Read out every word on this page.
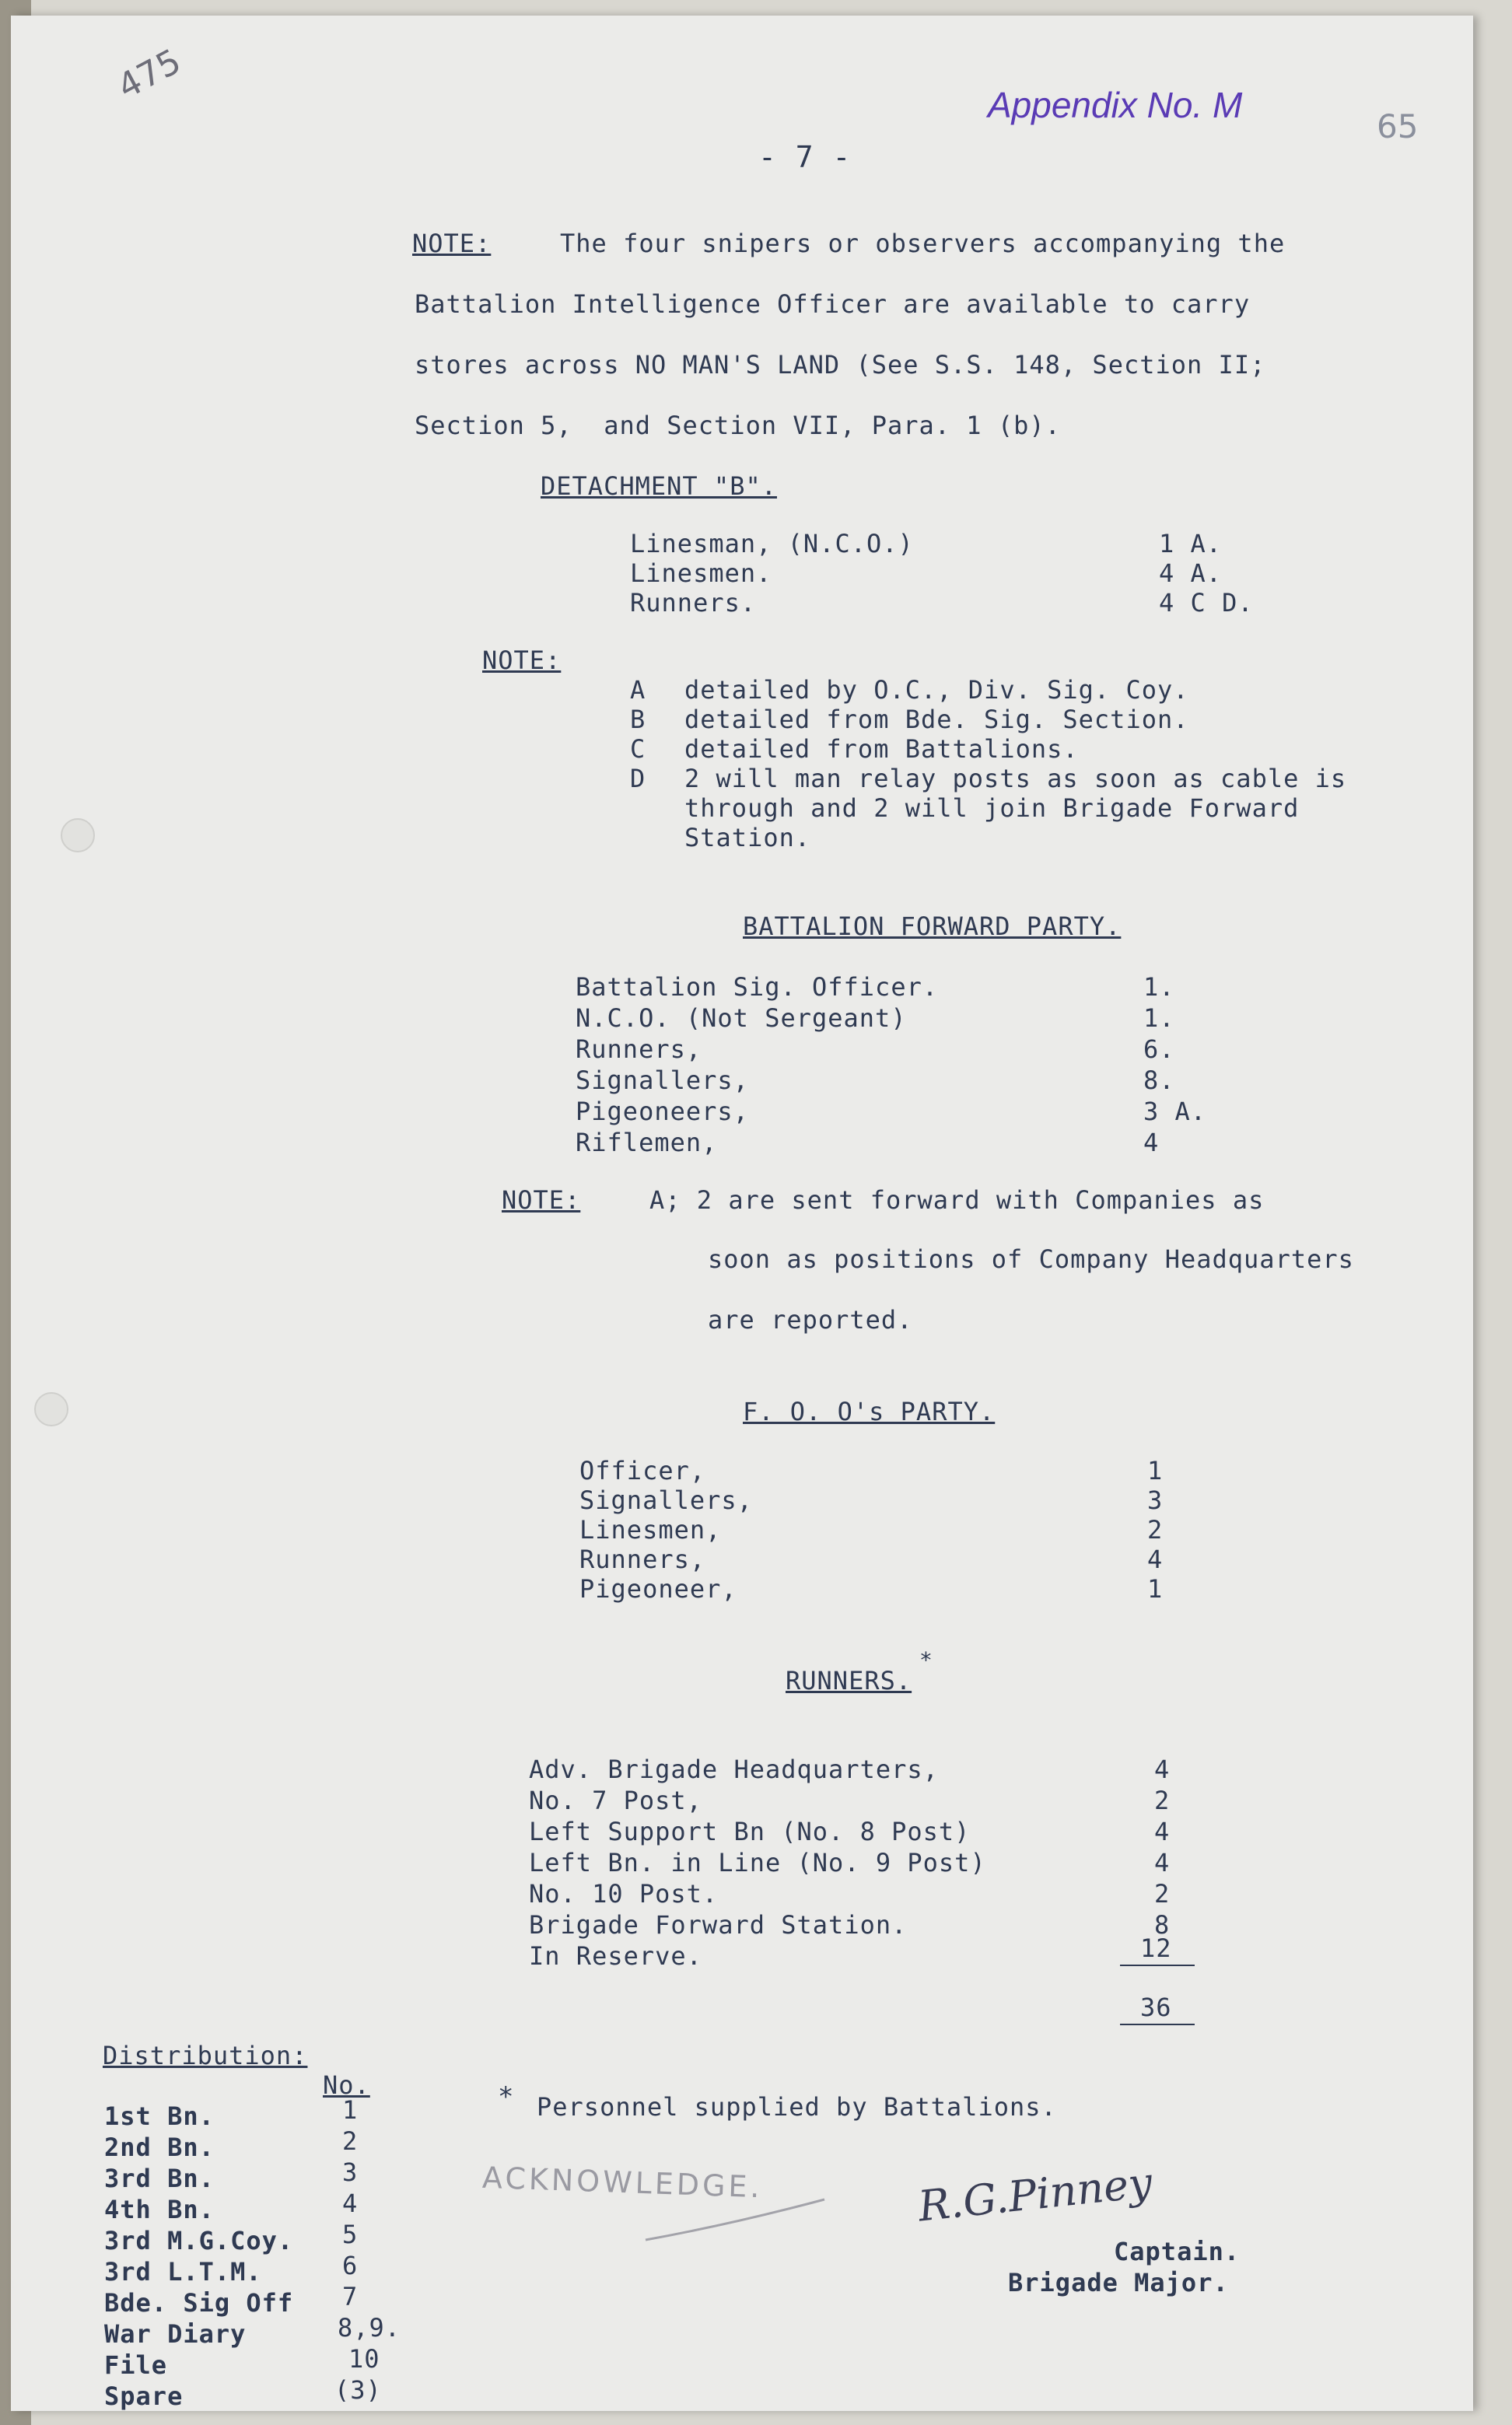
475	Appendix No. M
65
- 7 -
NOTE:	The four snipers or observers accompanying the
Battalion Intelligence Officer are available to carry
stores across NO MAN'S LAND (See S.S. 148, Section II;
Section 5,  and Section VII, Para. 1 (b).
DETACHMENT "B".
Linesman, (N.C.O.)	1 A.
Linesmen.	4 A.
Runners.	4 C D.
NOTE:
A detailed by O.C., Div. Sig. Coy.
B detailed from Bde. Sig. Section.
C detailed from Battalions.
D 2 will man relay posts as soon as cable is
through and 2 will join Brigade Forward
Station.
BATTALION FORWARD PARTY.
Battalion Sig. Officer.	1.
N.C.O. (Not Sergeant)	1.
Runners,	6.
Signallers,	8.
Pigeoneers,	3 A.
Riflemen,	4
NOTE:	A; 2 are sent forward with Companies as
soon as positions of Company Headquarters
are reported.
F. O. O's PARTY.
Officer,	1
Signallers,	3
Linesmen,	2
Runners,	4
Pigeoneer,	1
RUNNERS.
*
Adv. Brigade Headquarters,	4
No. 7 Post,	2
Left Support Bn (No. 8 Post)	4
Left Bn. in Line (No. 9 Post)	4
No. 10 Post.	2
Brigade Forward Station.	8
In Reserve.	12
36
* Personnel supplied by Battalions.
Distribution:
No.
1st Bn.	1
2nd Bn.	2
3rd Bn.	3
4th Bn.	4
3rd M.G.Coy. 5
3rd L.T.M.	6
Bde. Sig Off 7
War Diary	8,9.
File	10
Spare	(3)
ACKNOWLEDGE.	R.G.Pinney
Captain.
Brigade Major.
